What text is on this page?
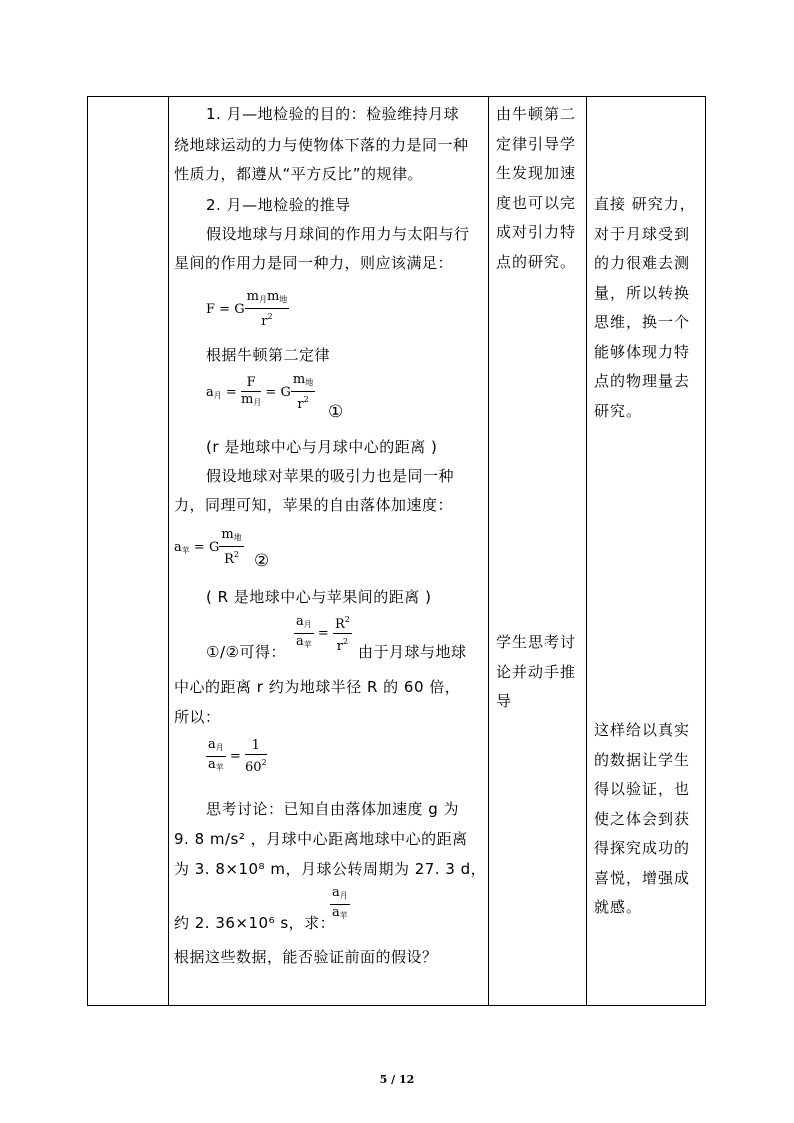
1. 月—地检验的目的：检验维持月球
绕地球运动的力与使物体下落的力是同一种
性质力，都遵从“平方反比”的规律。
2. 月—地检验的推导
假设地球与月球间的作用力与太阳与行
星间的作用力是同一种力，则应该满足：
F = G $\frac{m_月m_地}{r^2}$
根据牛顿第二定律
$a_月 = \frac{F}{m_月} = G \frac{m_地}{r^2}$ ①
(r 是地球中心与月球中心的距离 )
假设地球对苹果的吸引力也是同一种
力，同理可知，苹果的自由落体加速度：
$a_苹 = G \frac{m_地}{R^2}$ ②
( R 是地球中心与苹果间的距离 )
$\frac{a_月}{a_苹} = \frac{R^2}{r^2}$
①/②可得：	由于月球与地球
中心的距离 r 约为地球半径 R 的 60 倍，
所以：
$\frac{a_月}{a_苹} = \frac{1}{60^2}$
思考讨论：已知自由落体加速度 g 为
9. 8 m/s² ，月球中心距离地球中心的距离
为 3. 8×10⁸ m，月球公转周期为 27. 3 d，
约 2. 36×10⁶ s，求：
$\frac{a_月}{a_苹}$
根据这些数据，能否验证前面的假设？
由牛顿第二
定律引导学
生发现加速
度也可以完
成对引力特
点的研究。
学生思考讨
论并动手推
导
直接 研究力，
对于月球受到
的力很难去测
量，所以转换
思维，换一个
能够体现力特
点的物理量去
研究。
这样给以真实
的数据让学生
得以验证，也
使之体会到获
得探究成功的
喜悦，增强成
就感。
5 / 12
